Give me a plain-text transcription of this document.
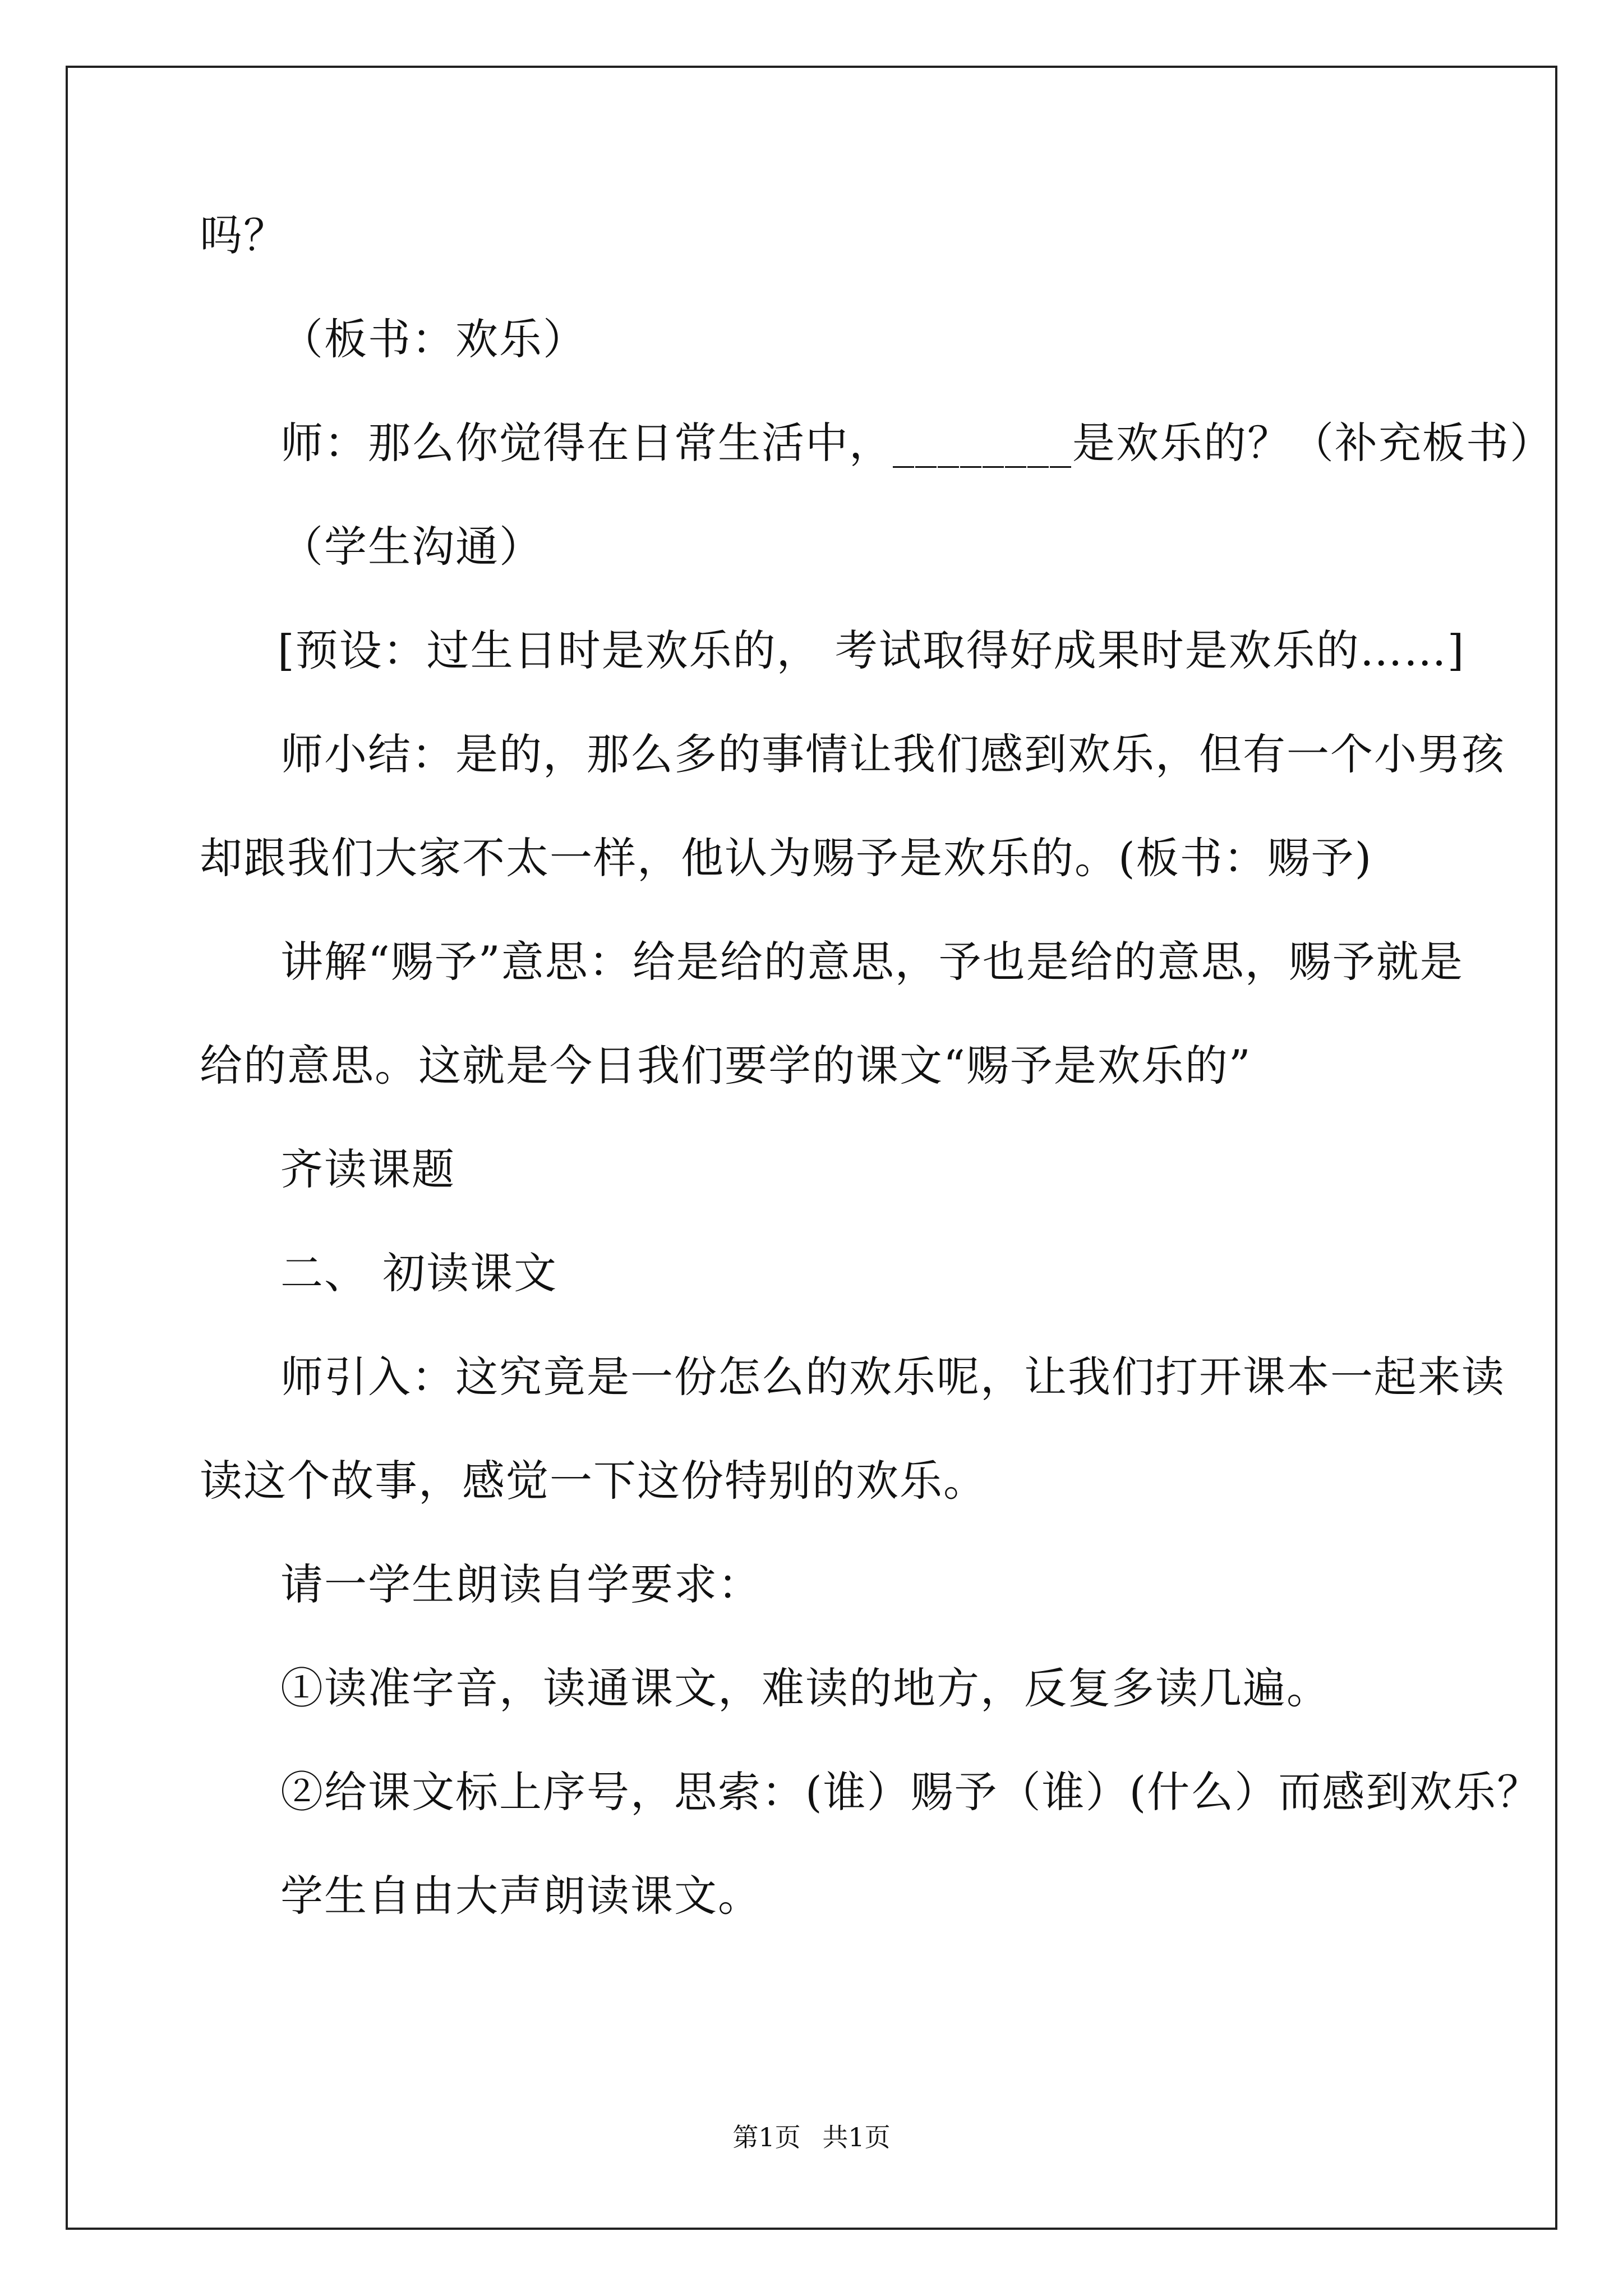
吗？
（板书：欢乐）
师：那么你觉得在日常生活中，________是欢乐的？（补充板书）
（学生沟通）
[预设：过生日时是欢乐的， 考试取得好成果时是欢乐的……]
师小结：是的，那么多的事情让我们感到欢乐，但有一个小男孩
却跟我们大家不太一样，他认为赐予是欢乐的。(板书：赐予)
讲解“赐予”意思：给是给的意思，予也是给的意思，赐予就是
给的意思。这就是今日我们要学的课文“赐予是欢乐的”
齐读课题
二、 初读课文
师引入：这究竟是一份怎么的欢乐呢，让我们打开课本一起来读
读这个故事，感觉一下这份特别的欢乐。
请一学生朗读自学要求：
①读准字音，读通课文，难读的地方，反复多读几遍。
②给课文标上序号，思索：(谁）赐予（谁）(什么）而感到欢乐？
学生自由大声朗读课文。
第1页 共1页
